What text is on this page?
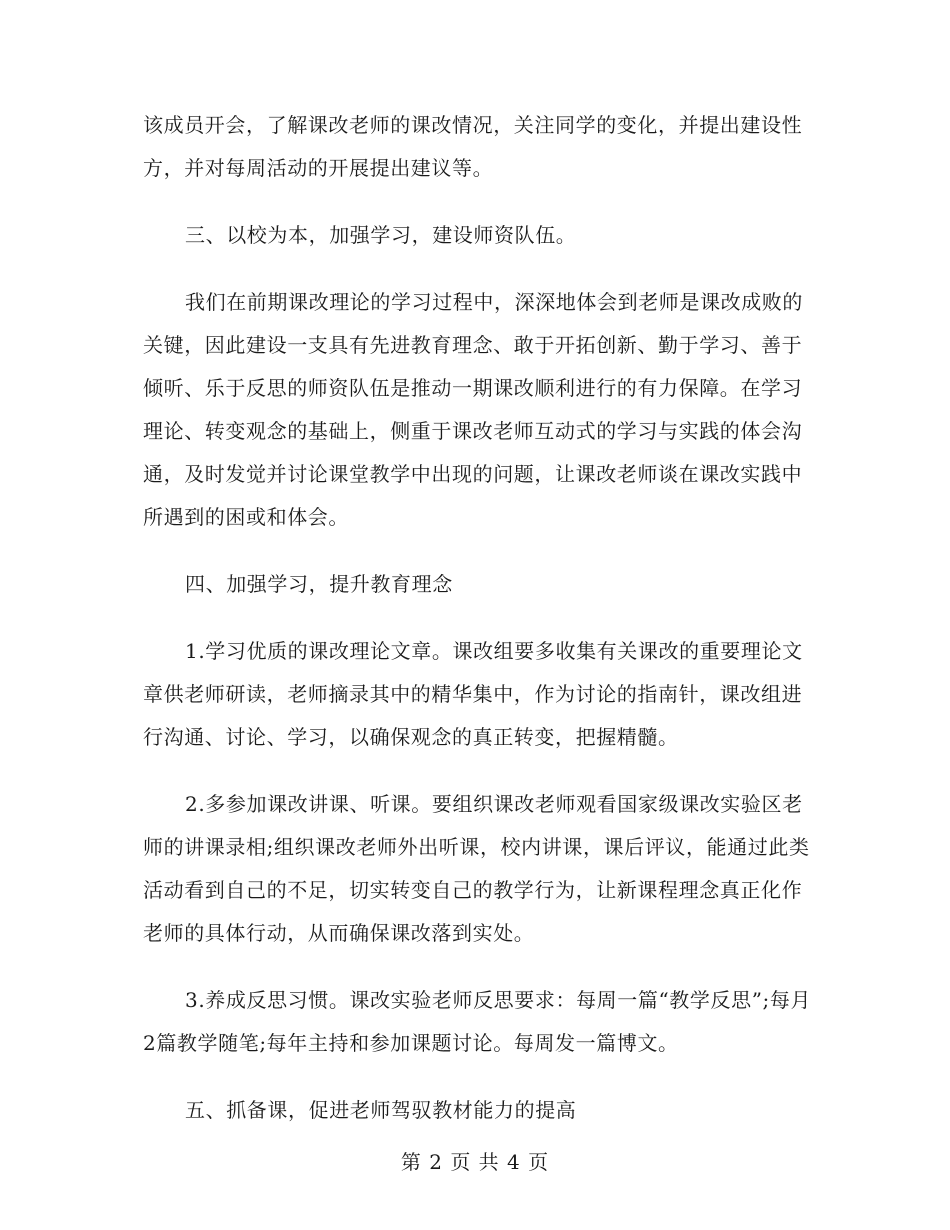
该成员开会，了解课改老师的课改情况，关注同学的变化，并提出建设性方，并对每周活动的开展提出建议等。

三、以校为本，加强学习，建设师资队伍。

我们在前期课改理论的学习过程中，深深地体会到老师是课改成败的关键，因此建设一支具有先进教育理念、敢于开拓创新、勤于学习、善于倾听、乐于反思的师资队伍是推动一期课改顺利进行的有力保障。在学习理论、转变观念的基础上，侧重于课改老师互动式的学习与实践的体会沟通，及时发觉并讨论课堂教学中出现的问题，让课改老师谈在课改实践中所遇到的困或和体会。

四、加强学习，提升教育理念

1.学习优质的课改理论文章。课改组要多收集有关课改的重要理论文章供老师研读，老师摘录其中的精华集中，作为讨论的指南针，课改组进行沟通、讨论、学习，以确保观念的真正转变，把握精髓。

2.多参加课改讲课、听课。要组织课改老师观看国家级课改实验区老师的讲课录相;组织课改老师外出听课，校内讲课，课后评议，能通过此类活动看到自己的不足，切实转变自己的教学行为，让新课程理念真正化作老师的具体行动，从而确保课改落到实处。

3.养成反思习惯。课改实验老师反思要求：每周一篇“教学反思”;每月2篇教学随笔;每年主持和参加课题讨论。每周发一篇博文。

五、抓备课，促进老师驾驭教材能力的提高

第 2 页 共 4 页
